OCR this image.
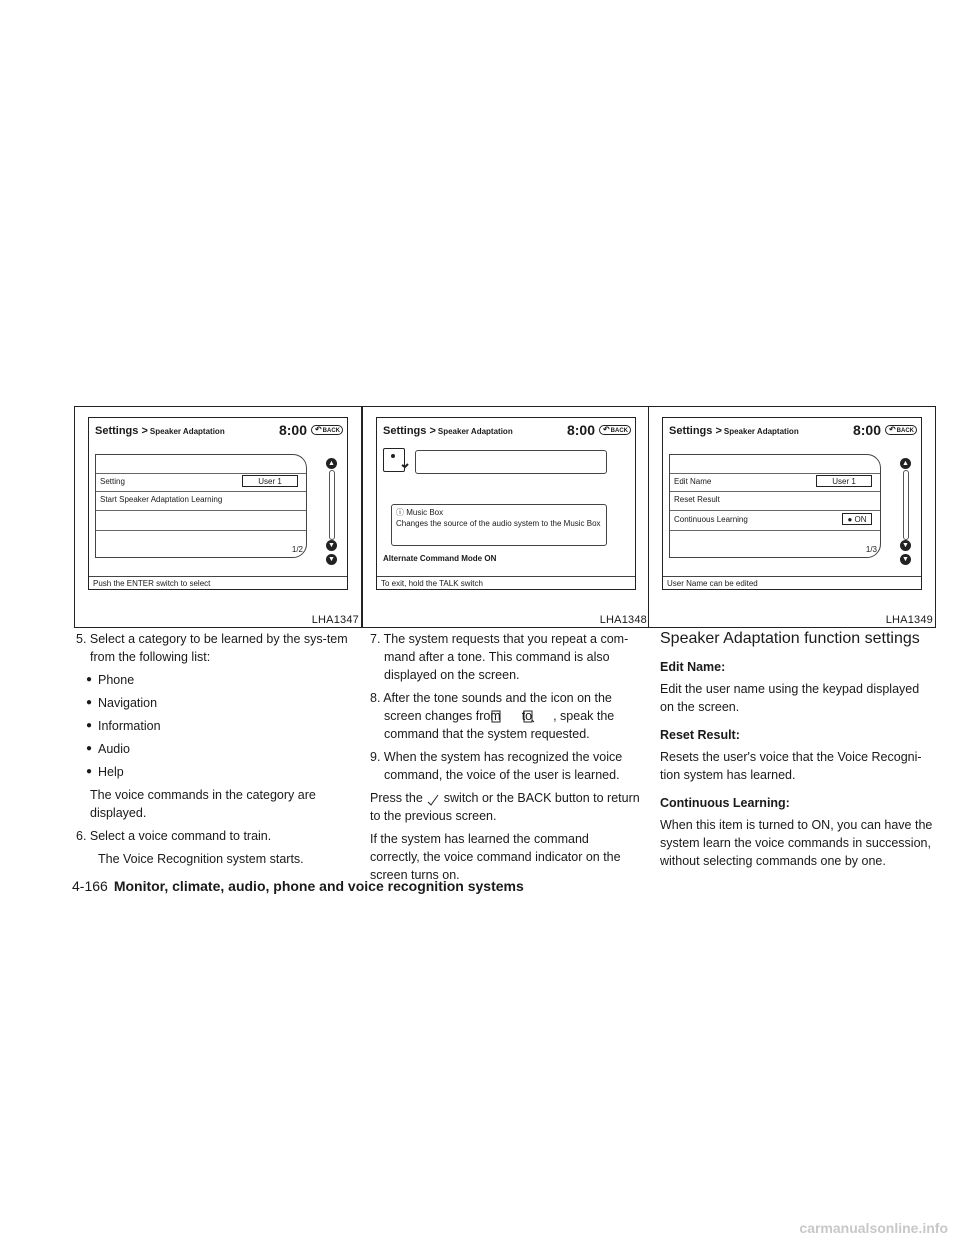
Settings > Speaker Adaptation	8:00	↶ BACK
Setting	User 1
Start Speaker Adaptation Learning
▲
▼
▼
1/2
Push the ENTER switch to select
LHA1347
Settings > Speaker Adaptation	8:00	↶ BACK
ⓘ Music Box
Changes the source of the audio system to the Music Box
Alternate Command Mode ON
To exit, hold the TALK switch
LHA1348
Settings > Speaker Adaptation	8:00	↶ BACK
Edit Name	User 1
Reset Result
Continuous Learning	● ON
▲
▼
▼
1/3
User Name can be edited
LHA1349

5. Select a category to be learned by the sys-tem from the following list:

● Phone
● Navigation
● Information
● Audio
● Help

The voice commands in the category are displayed.

6. Select a voice command to train.

The Voice Recognition system starts.

7. The system requests that you repeat a com-mand after a tone. This command is also displayed on the screen.

8. After the tone sounds and the icon on the screen changes from to , speak the command that the system requested.

9. When the system has recognized the voice command, the voice of the user is learned.

Press the switch or the BACK button to return to the previous screen.

If the system has learned the command correctly, the voice command indicator on the screen turns on.

Speaker Adaptation function settings
Edit Name:

Edit the user name using the keypad displayed on the screen.

Reset Result:

Resets the user's voice that the Voice Recogni-tion system has learned.

Continuous Learning:

When this item is turned to ON, you can have the system learn the voice commands in succession, without selecting commands one by one.

4-166 Monitor, climate, audio, phone and voice recognition systems
carmanualsonline.info
